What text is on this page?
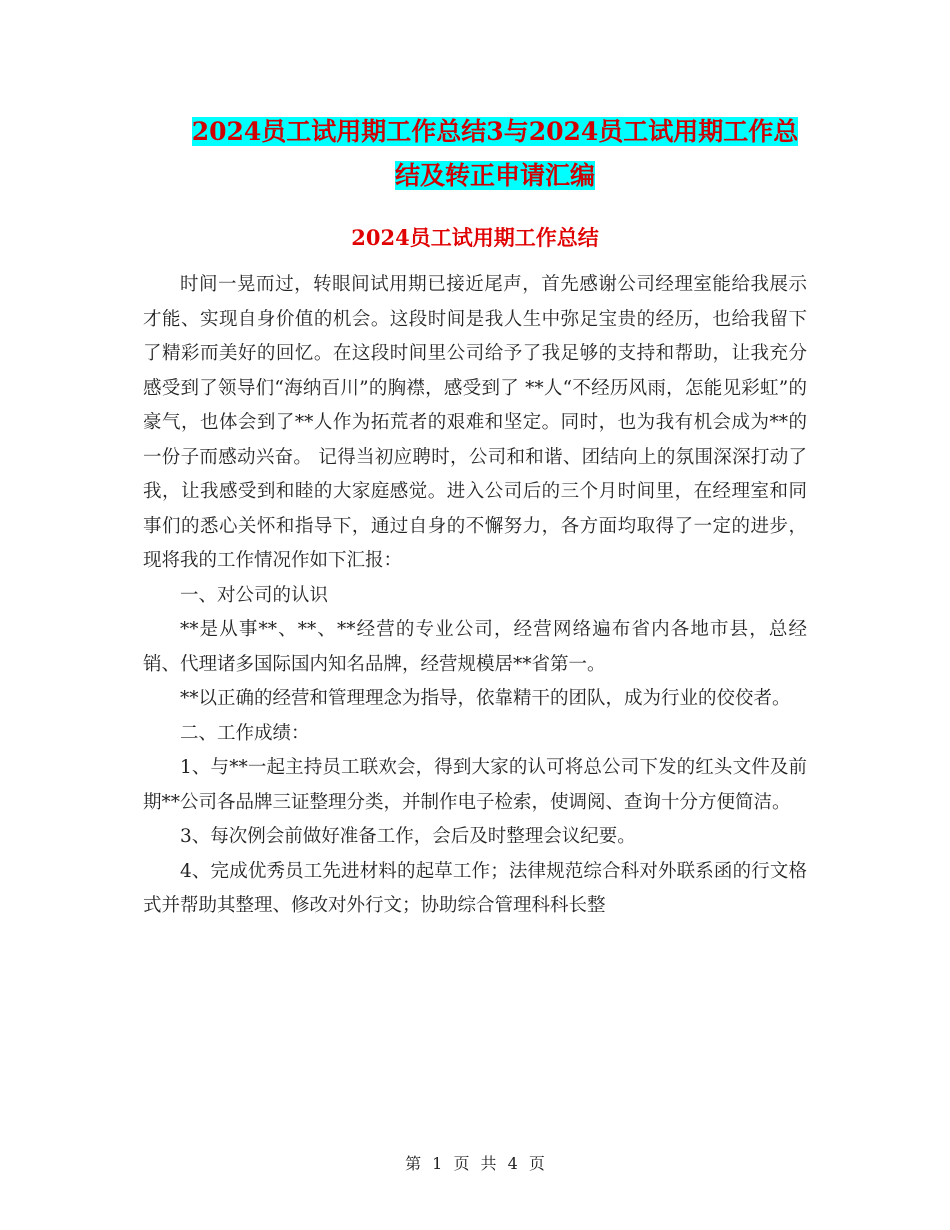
2024员工试用期工作总结3与2024员工试用期工作总
结及转正申请汇编
2024员工试用期工作总结

时间一晃而过，转眼间试用期已接近尾声，首先感谢公司经理室能给我展示才能、实现自身价值的机会。这段时间是我人生中弥足宝贵的经历，也给我留下了精彩而美好的回忆。在这段时间里公司给予了我足够的支持和帮助，让我充分感受到了领导们“海纳百川”的胸襟，感受到了 **人“不经历风雨，怎能见彩虹”的豪气，也体会到了**人作为拓荒者的艰难和坚定。同时，也为我有机会成为**的一份子而感动兴奋。 记得当初应聘时，公司和和谐、团结向上的氛围深深打动了我，让我感受到和睦的大家庭感觉。进入公司后的三个月时间里，在经理室和同事们的悉心关怀和指导下，通过自身的不懈努力，各方面均取得了一定的进步，现将我的工作情况作如下汇报：

一、对公司的认识

**是从事**、**、**经营的专业公司，经营网络遍布省内各地市县，总经销、代理诸多国际国内知名品牌，经营规模居**省第一。

**以正确的经营和管理理念为指导，依靠精干的团队，成为行业的佼佼者。

二、工作成绩：

1、与**一起主持员工联欢会，得到大家的认可将总公司下发的红头文件及前期**公司各品牌三证整理分类，并制作电子检索，使调阅、查询十分方便简洁。

3、每次例会前做好准备工作，会后及时整理会议纪要。

4、完成优秀员工先进材料的起草工作；法律规范综合科对外联系函的行文格式并帮助其整理、修改对外行文；协助综合管理科科长整

第 1 页 共 4 页
